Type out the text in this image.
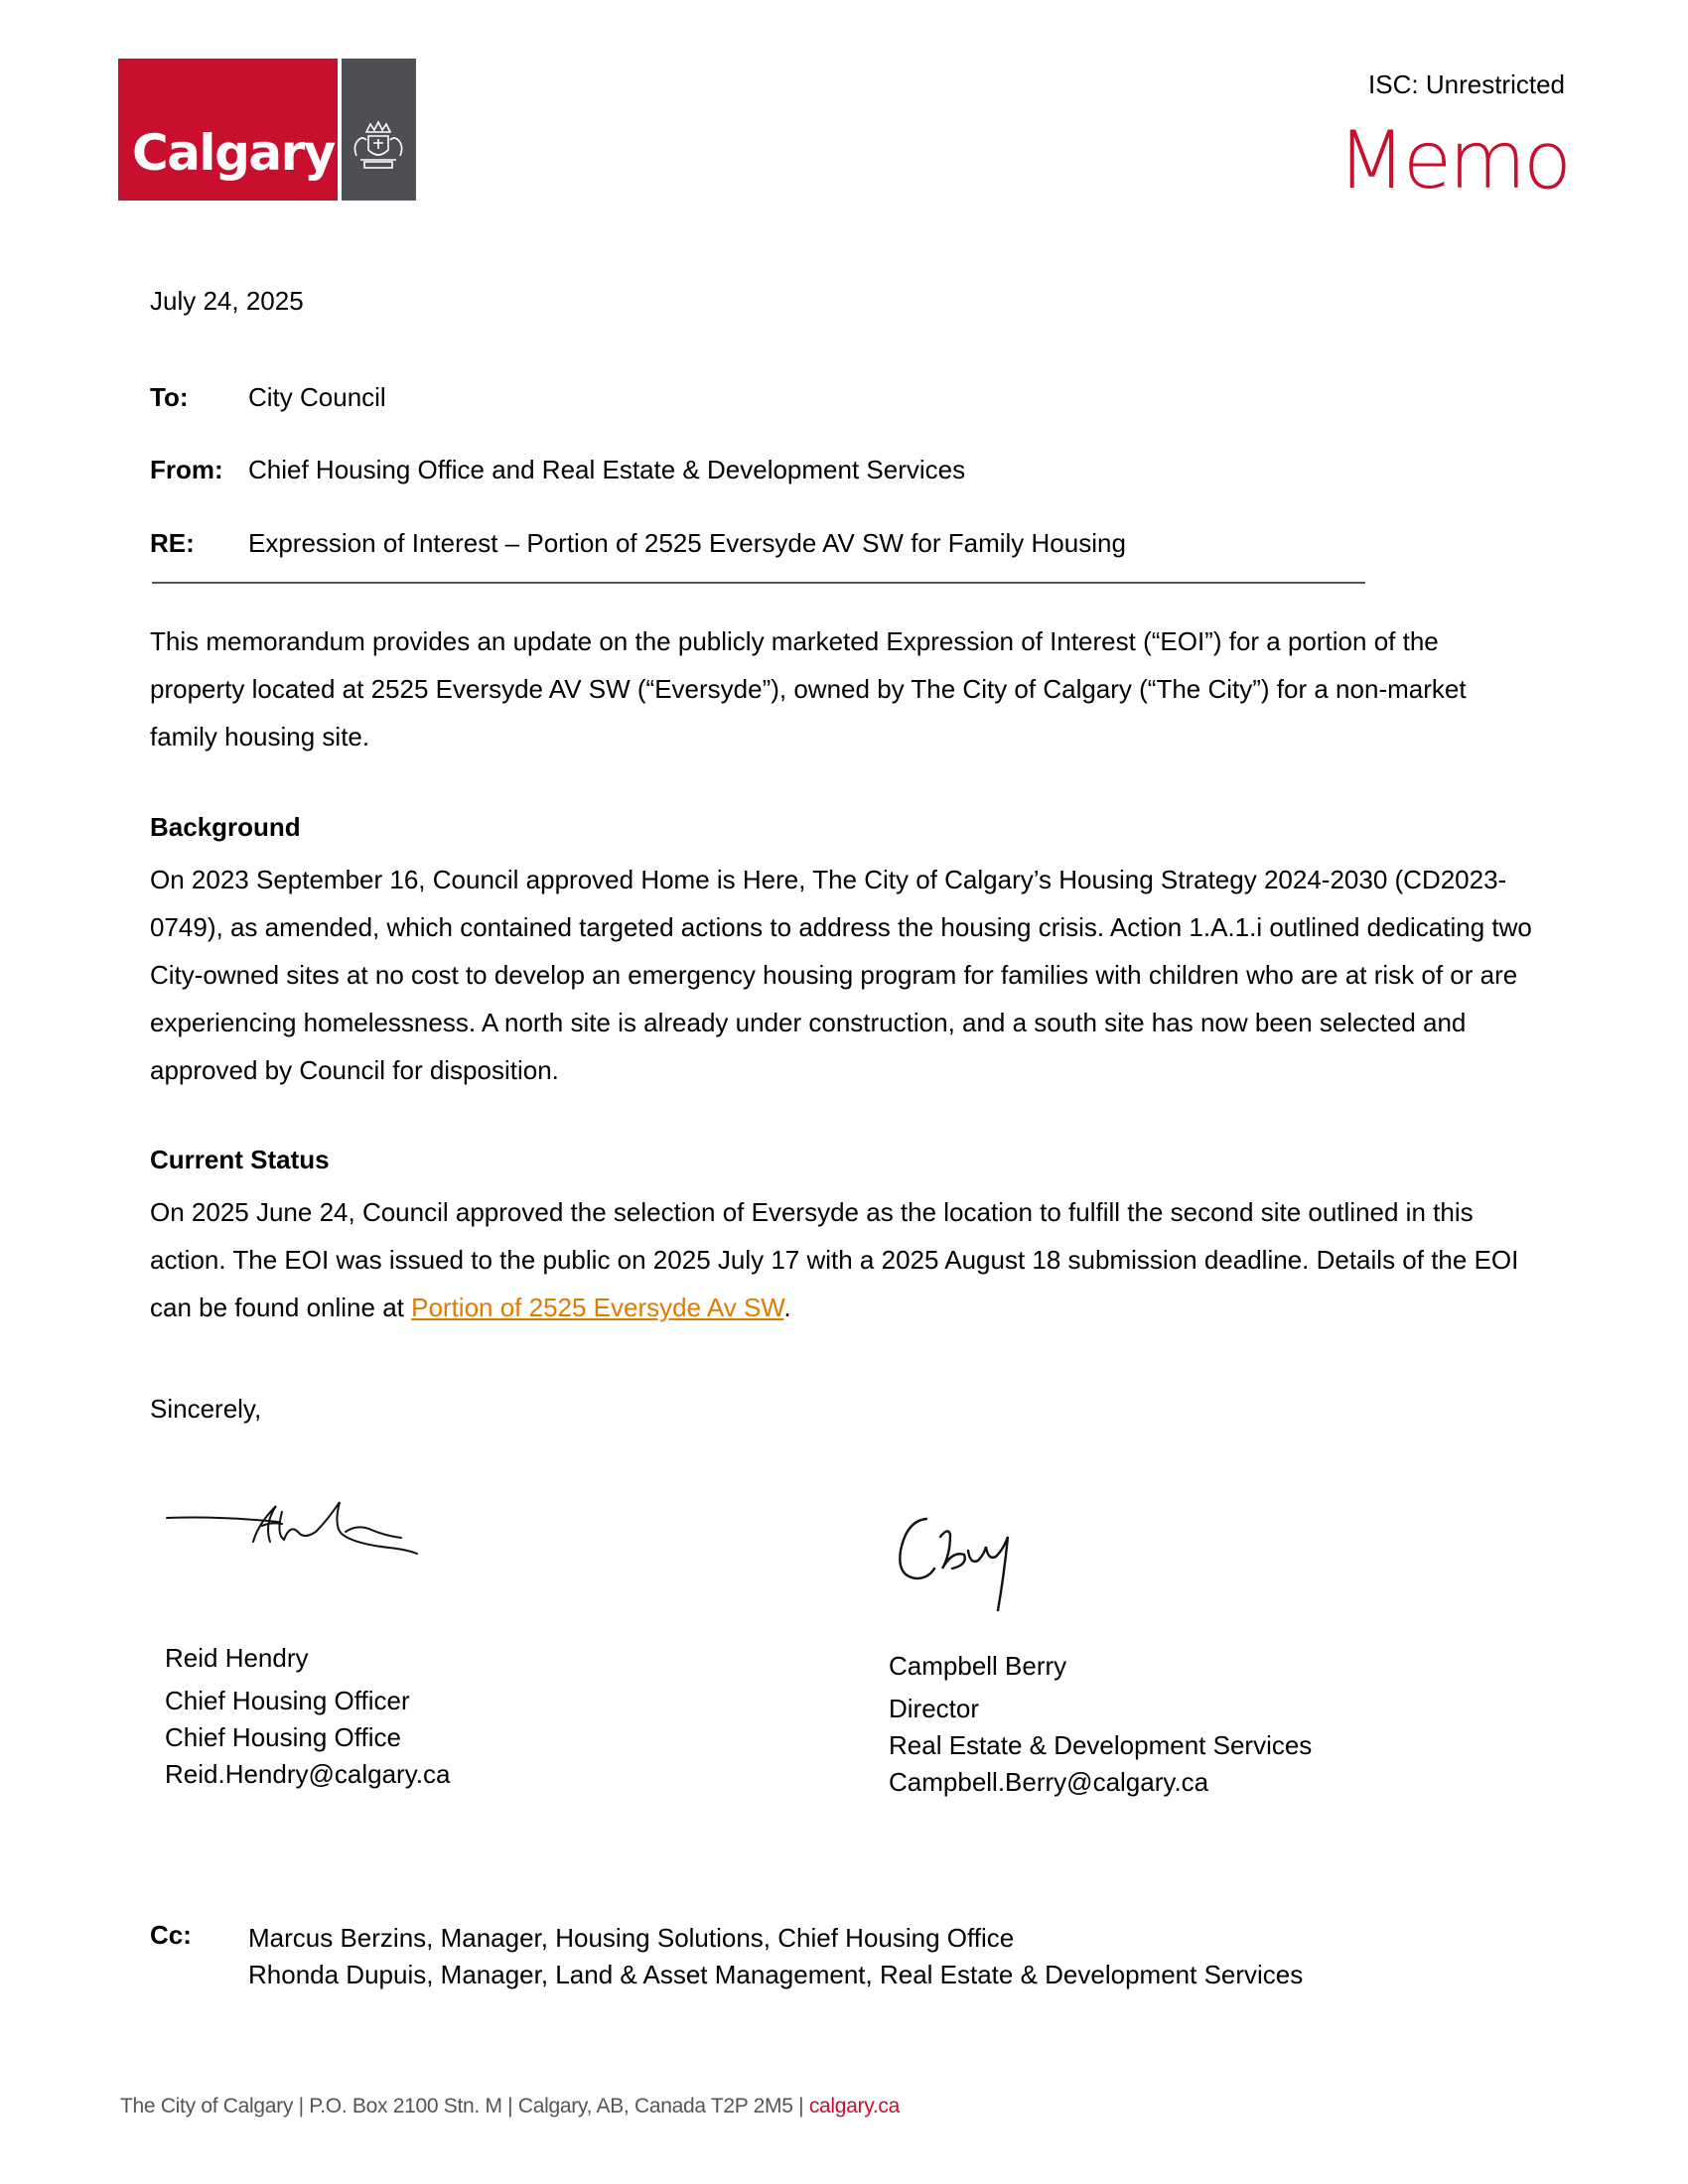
Calgary
ISC: Unrestricted
Memo
July 24, 2025
To: City Council
From: Chief Housing Office and Real Estate & Development Services
RE: Expression of Interest – Portion of 2525 Eversyde AV SW for Family Housing
This memorandum provides an update on the publicly marketed Expression of Interest (“EOI”) for a portion of the property located at 2525 Eversyde AV SW (“Eversyde”), owned by The City of Calgary (“The City”) for a non-market family housing site.
Background
On 2023 September 16, Council approved Home is Here, The City of Calgary’s Housing Strategy 2024-2030 (CD2023-0749), as amended, which contained targeted actions to address the housing crisis. Action 1.A.1.i outlined dedicating two City-owned sites at no cost to develop an emergency housing program for families with children who are at risk of or are experiencing homelessness. A north site is already under construction, and a south site has now been selected and approved by Council for disposition.
Current Status
On 2025 June 24, Council approved the selection of Eversyde as the location to fulfill the second site outlined in this action. The EOI was issued to the public on 2025 July 17 with a 2025 August 18 submission deadline. Details of the EOI can be found online at Portion of 2525 Eversyde Av SW.
Sincerely,
Reid Hendry
Chief Housing Officer
Chief Housing Office
Reid.Hendry@calgary.ca
Campbell Berry
Director
Real Estate & Development Services
Campbell.Berry@calgary.ca
Cc: Marcus Berzins, Manager, Housing Solutions, Chief Housing Office
Rhonda Dupuis, Manager, Land & Asset Management, Real Estate & Development Services
The City of Calgary | P.O. Box 2100 Stn. M | Calgary, AB, Canada T2P 2M5 | calgary.ca
